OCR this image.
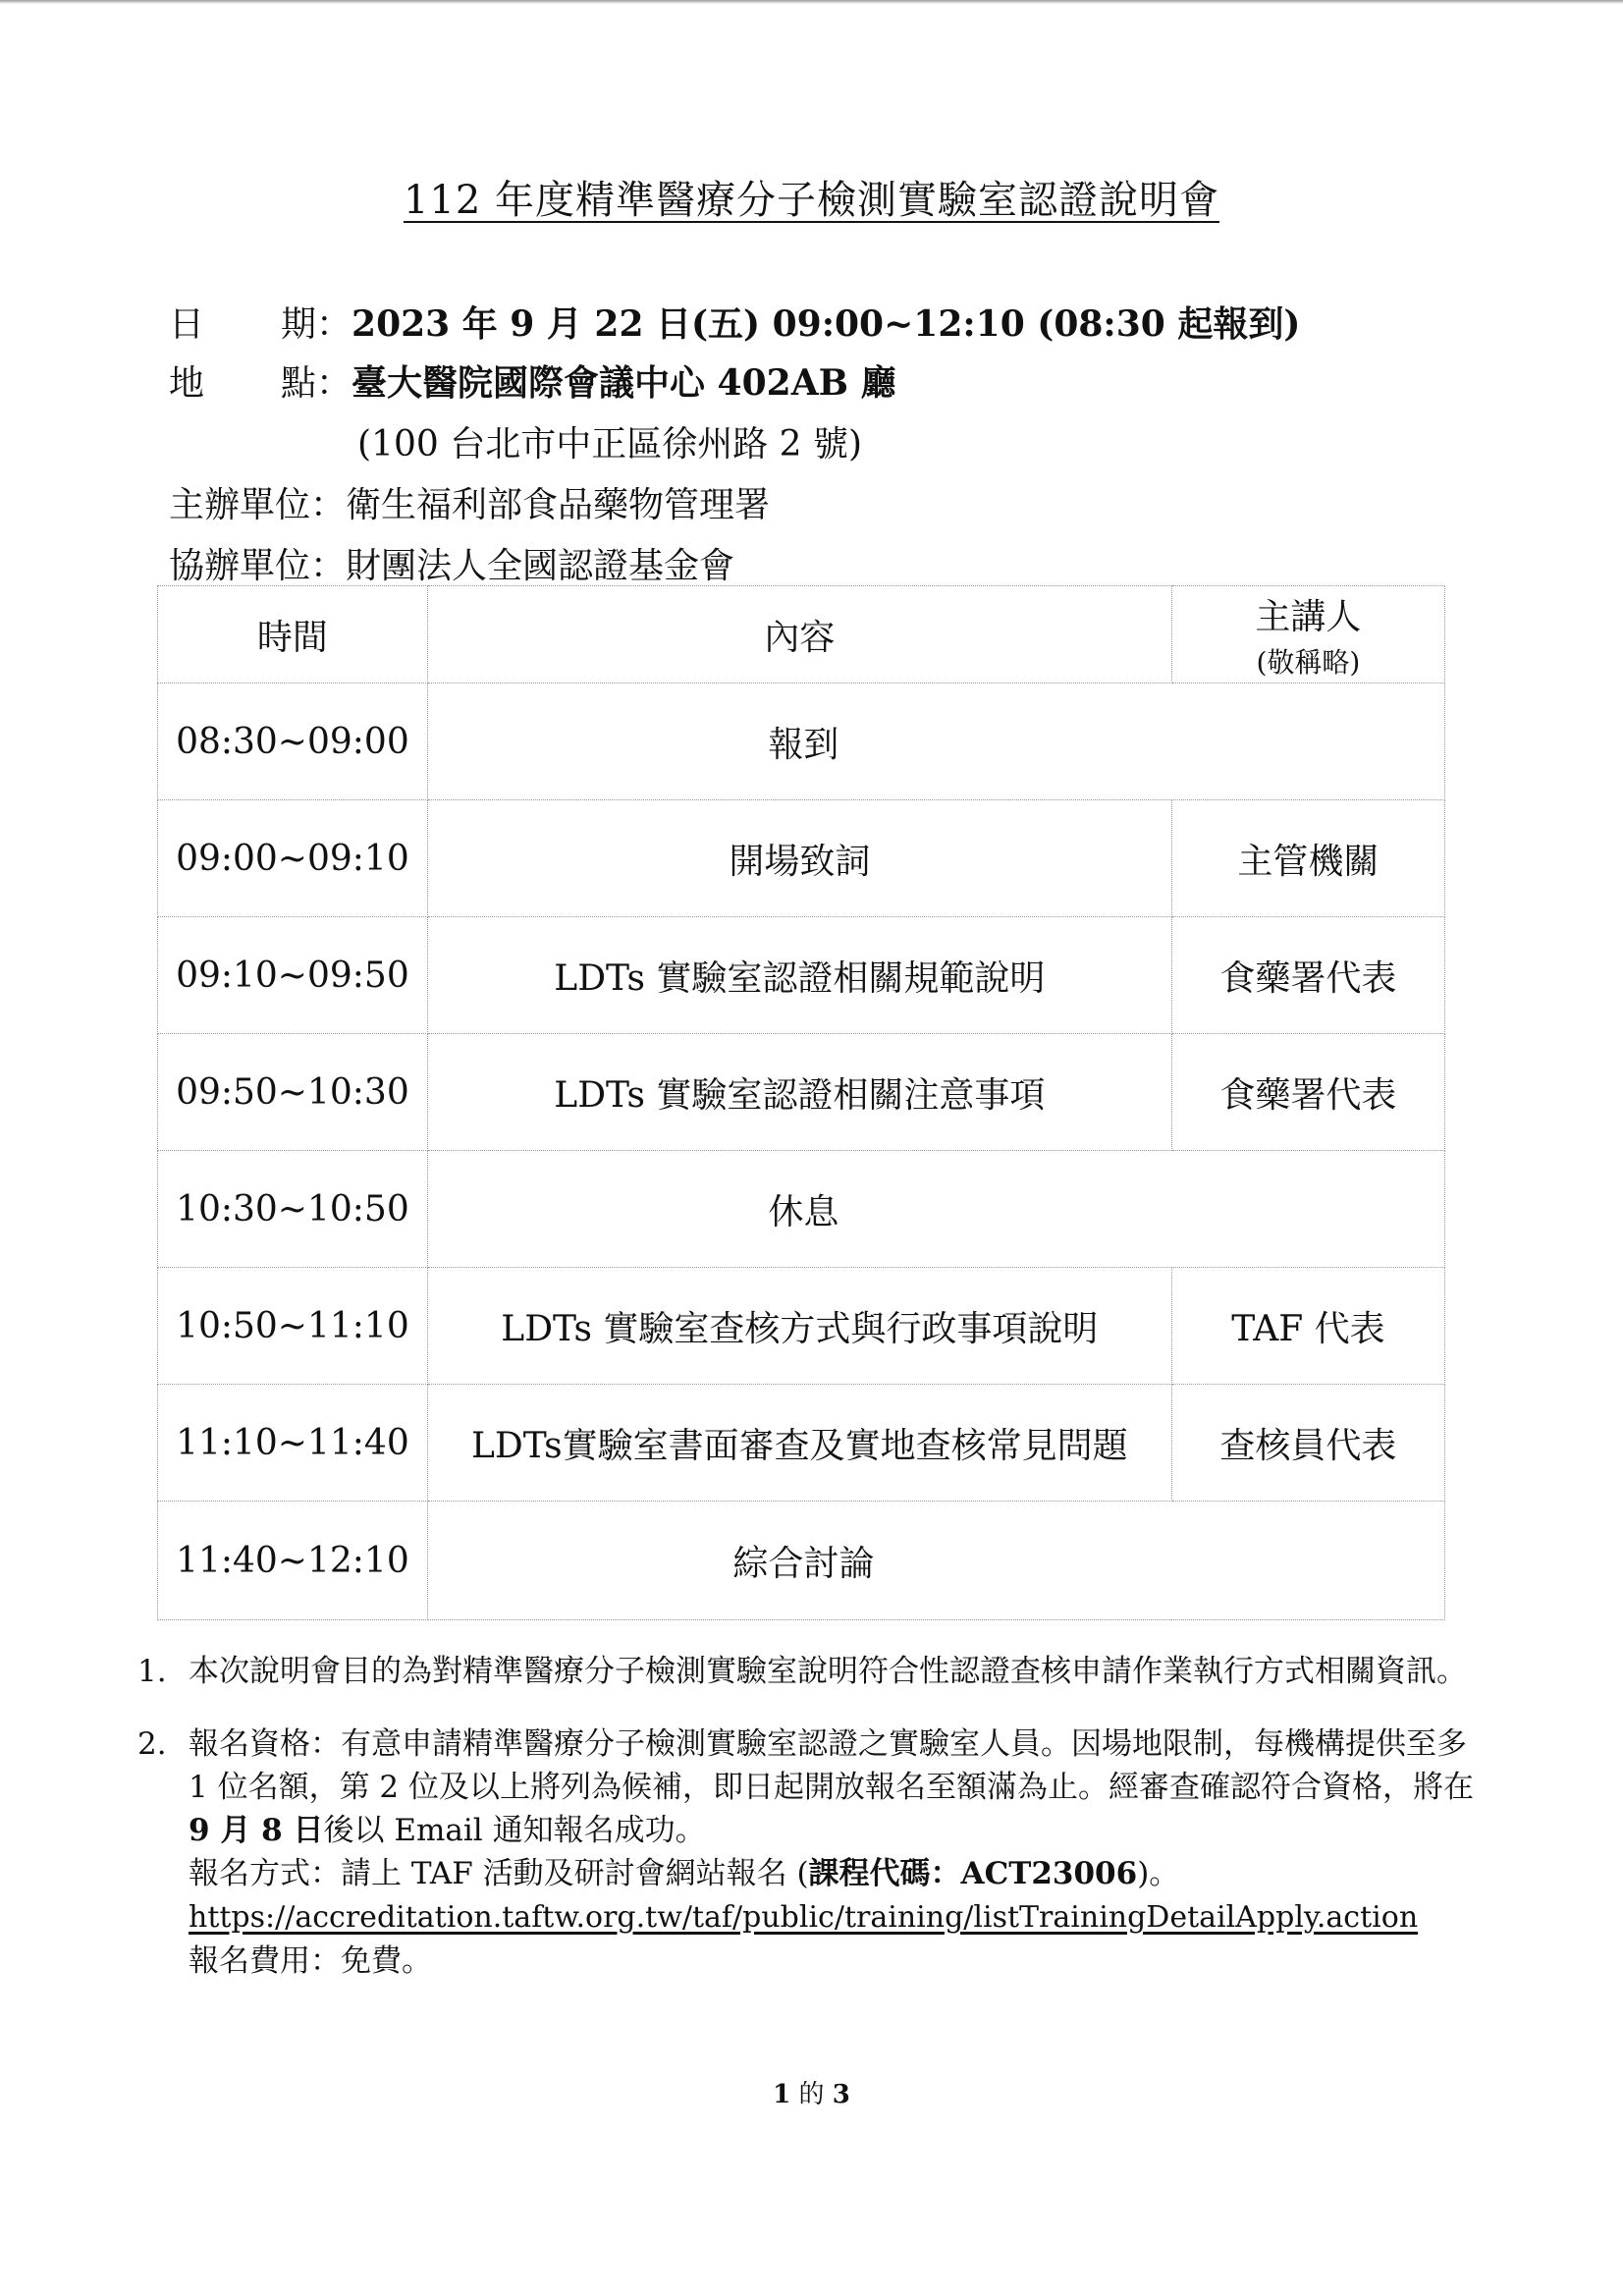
112 年度精準醫療分子檢測實驗室認證說明會
日 期：2023 年 9 月 22 日(五) 09:00~12:10 (08:30 起報到)
地 點：臺大醫院國際會議中心 402AB 廳
(100 台北市中正區徐州路 2 號)
主辦單位：衛生福利部食品藥物管理署
協辦單位：財團法人全國認證基金會
時間	內容	主講人
(敬稱略)

08:30~09:00	報到	
09:00~09:10	開場致詞	主管機關
09:10~09:50	LDTs 實驗室認證相關規範說明	食藥署代表
09:50~10:30	LDTs 實驗室認證相關注意事項	食藥署代表
10:30~10:50	休息	
10:50~11:10	LDTs 實驗室查核方式與行政事項說明	TAF 代表
11:10~11:40	LDTs實驗室書面審查及實地查核常見問題	查核員代表
11:40~12:10	綜合討論	
1. 本次說明會目的為對精準醫療分子檢測實驗室說明符合性認證查核申請作業執行方式相關資訊。
2. 報名資格：有意申請精準醫療分子檢測實驗室認證之實驗室人員。因場地限制，每機構提供至多 1 位名額，第 2 位及以上將列為候補，即日起開放報名至額滿為止。經審查確認符合資格，將在 9 月 8 日後以 Email 通知報名成功。
報名方式：請上 TAF 活動及研討會網站報名 (課程代碼：ACT23006)。
https://accreditation.taftw.org.tw/taf/public/training/listTrainingDetailApply.action
報名費用：免費。
1 的 3
